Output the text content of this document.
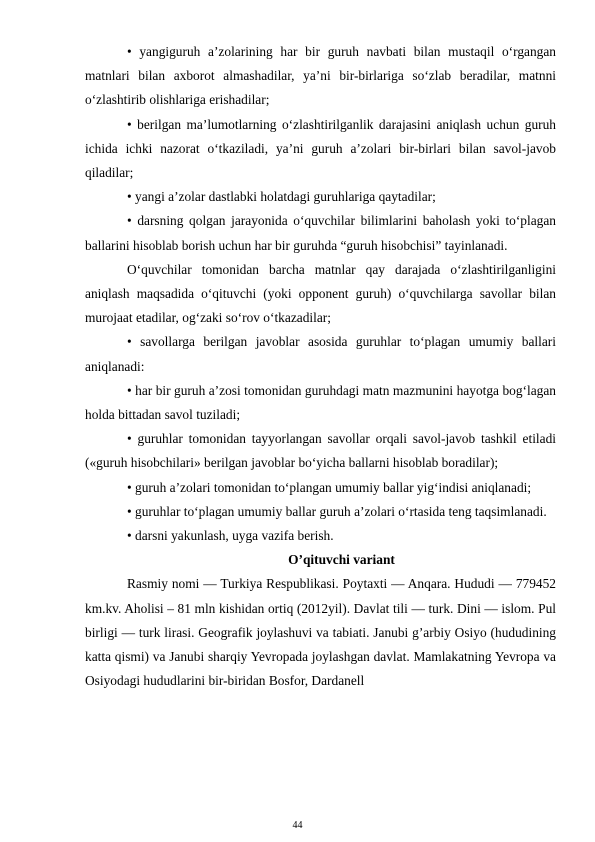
• yangiguruh a’zolarining har bir guruh navbati bilan mustaqil o‘rgangan matnlari bilan axborot almashadilar, ya’ni bir-birlariga so‘zlab beradilar, matnni o‘zlashtirib olishlariga erishadilar;

• berilgan ma’lumotlarning o‘zlashtirilganlik darajasini aniqlash uchun guruh ichida ichki nazorat o‘tkaziladi, ya’ni guruh a’zolari bir-birlari bilan savol-javob qiladilar;

• yangi a’zolar dastlabki holatdagi guruhlariga qaytadilar;

• darsning qolgan jarayonida o‘quvchilar bilimlarini baholash yoki to‘plagan ballarini hisoblab borish uchun har bir guruhda “guruh hisobchisi” tayinlanadi.

O‘quvchilar tomonidan barcha matnlar qay darajada o‘zlashtirilganligini aniqlash maqsadida o‘qituvchi (yoki opponent guruh) o‘quvchilarga savollar bilan murojaat etadilar, og‘zaki so‘rov o‘tkazadilar;

• savollarga berilgan javoblar asosida guruhlar to‘plagan umumiy ballari aniqlanadi:

• har bir guruh a’zosi tomonidan guruhdagi matn mazmunini hayotga bog‘lagan holda bittadan savol tuziladi;

• guruhlar tomonidan tayyorlangan savollar orqali savol-javob tashkil etiladi («guruh hisobchilari» berilgan javoblar bo‘yicha ballarni hisoblab boradilar);

• guruh a’zolari tomonidan to‘plangan umumiy ballar yig‘indisi aniqlanadi;

• guruhlar to‘plagan umumiy ballar guruh a’zolari o‘rtasida teng taqsimlanadi.

• darsni yakunlash, uyga vazifa berish.

O’qituvchi variant

Rasmiy nomi — Turkiya Respublikasi. Poytaxti — Anqara. Hududi — 779452 km.kv. Aholisi – 81 mln kishidan ortiq (2012yil). Davlat tili — turk. Dini — islom. Pul birligi — turk lirasi. Geografik joylashuvi va tabiati. Janubi g’arbiy Osiyo (hududining katta qismi) va Janubi sharqiy Yevropada joylashgan davlat. Mamlakatning Yevropa va Osiyodagi hududlarini bir-biridan Bosfor, Dardanell

44
